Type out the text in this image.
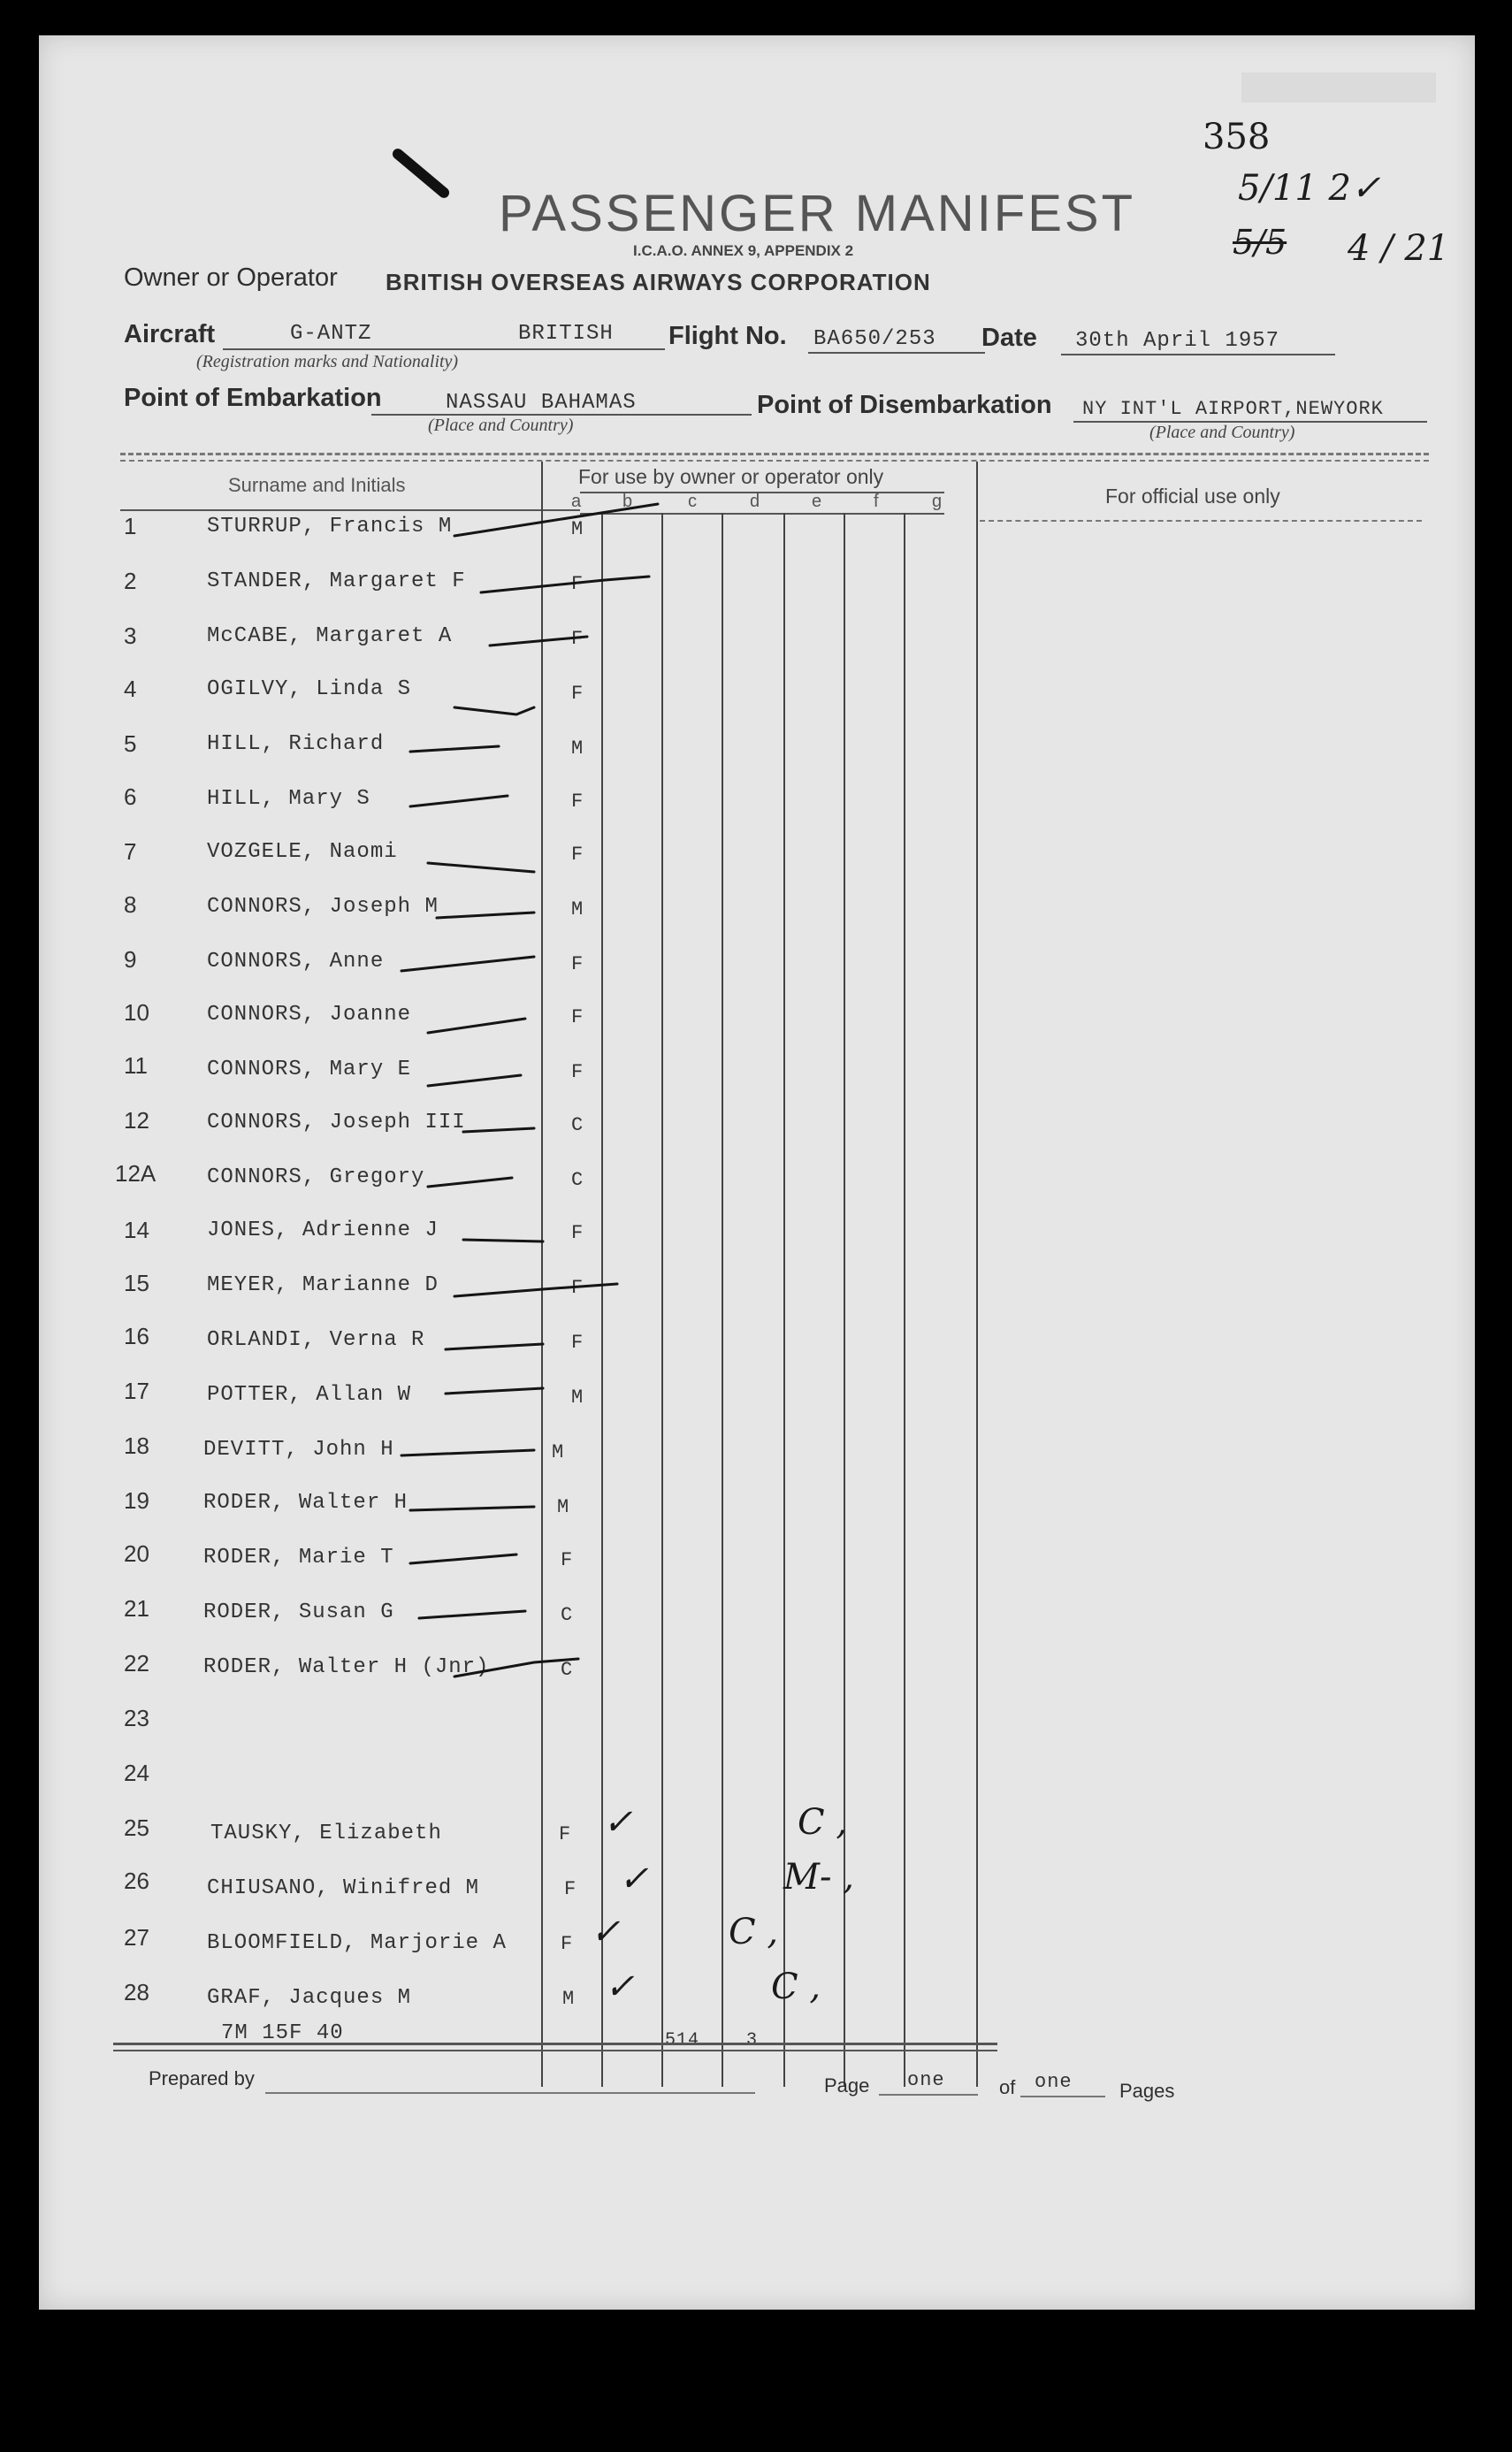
358
5/11 2✓
5/5 4 / 21
PASSENGER MANIFEST
I.C.A.O. ANNEX 9, APPENDIX 2
Owner or Operator BRITISH OVERSEAS AIRWAYS CORPORATION
Aircraft	G-ANTZ	BRITISH
(Registration marks and Nationality)
Flight No. BA650/253 Date 30th April 1957
Point of Embarkation	NASSAU BAHAMAS
(Place and Country)
Point of Disembarkation NY INT'L AIRPORT,NEWYORK
(Place and Country)
Surname and Initials	For use by owner or operator only
For official use only
a b	c	d	e	f	g
1	STURRUP, Francis M	M
2	STANDER, Margaret F	F
3	McCABE, Margaret A	F
4	OGILVY, Linda S	F
5	HILL, Richard	M
6	HILL, Mary S	F
7	VOZGELE, Naomi	F
8	CONNORS, Joseph M	M
9	CONNORS, Anne	F
10	CONNORS, Joanne	F
11	CONNORS, Mary E	F
12	CONNORS, Joseph III	C
12A	CONNORS, Gregory	C
14	JONES, Adrienne J	F
15	MEYER, Marianne D	F
16	ORLANDI, Verna R	F
17	POTTER, Allan W	M
18	DEVITT, John H	M
19	RODER, Walter H	M
20	RODER, Marie T	F
21	RODER, Susan G	C
22	RODER, Walter H (Jnr)	C
23
24
25	TAUSKY, Elizabeth	F ✓	C ,
26	CHIUSANO, Winifred M	F ✓	M- ,
27	BLOOMFIELD, Marjorie A	F ✓	C ,
28	GRAF, Jacques M	M ✓	C ,
7M 15F 40	514	3
Prepared by	Page one	of one Pages
